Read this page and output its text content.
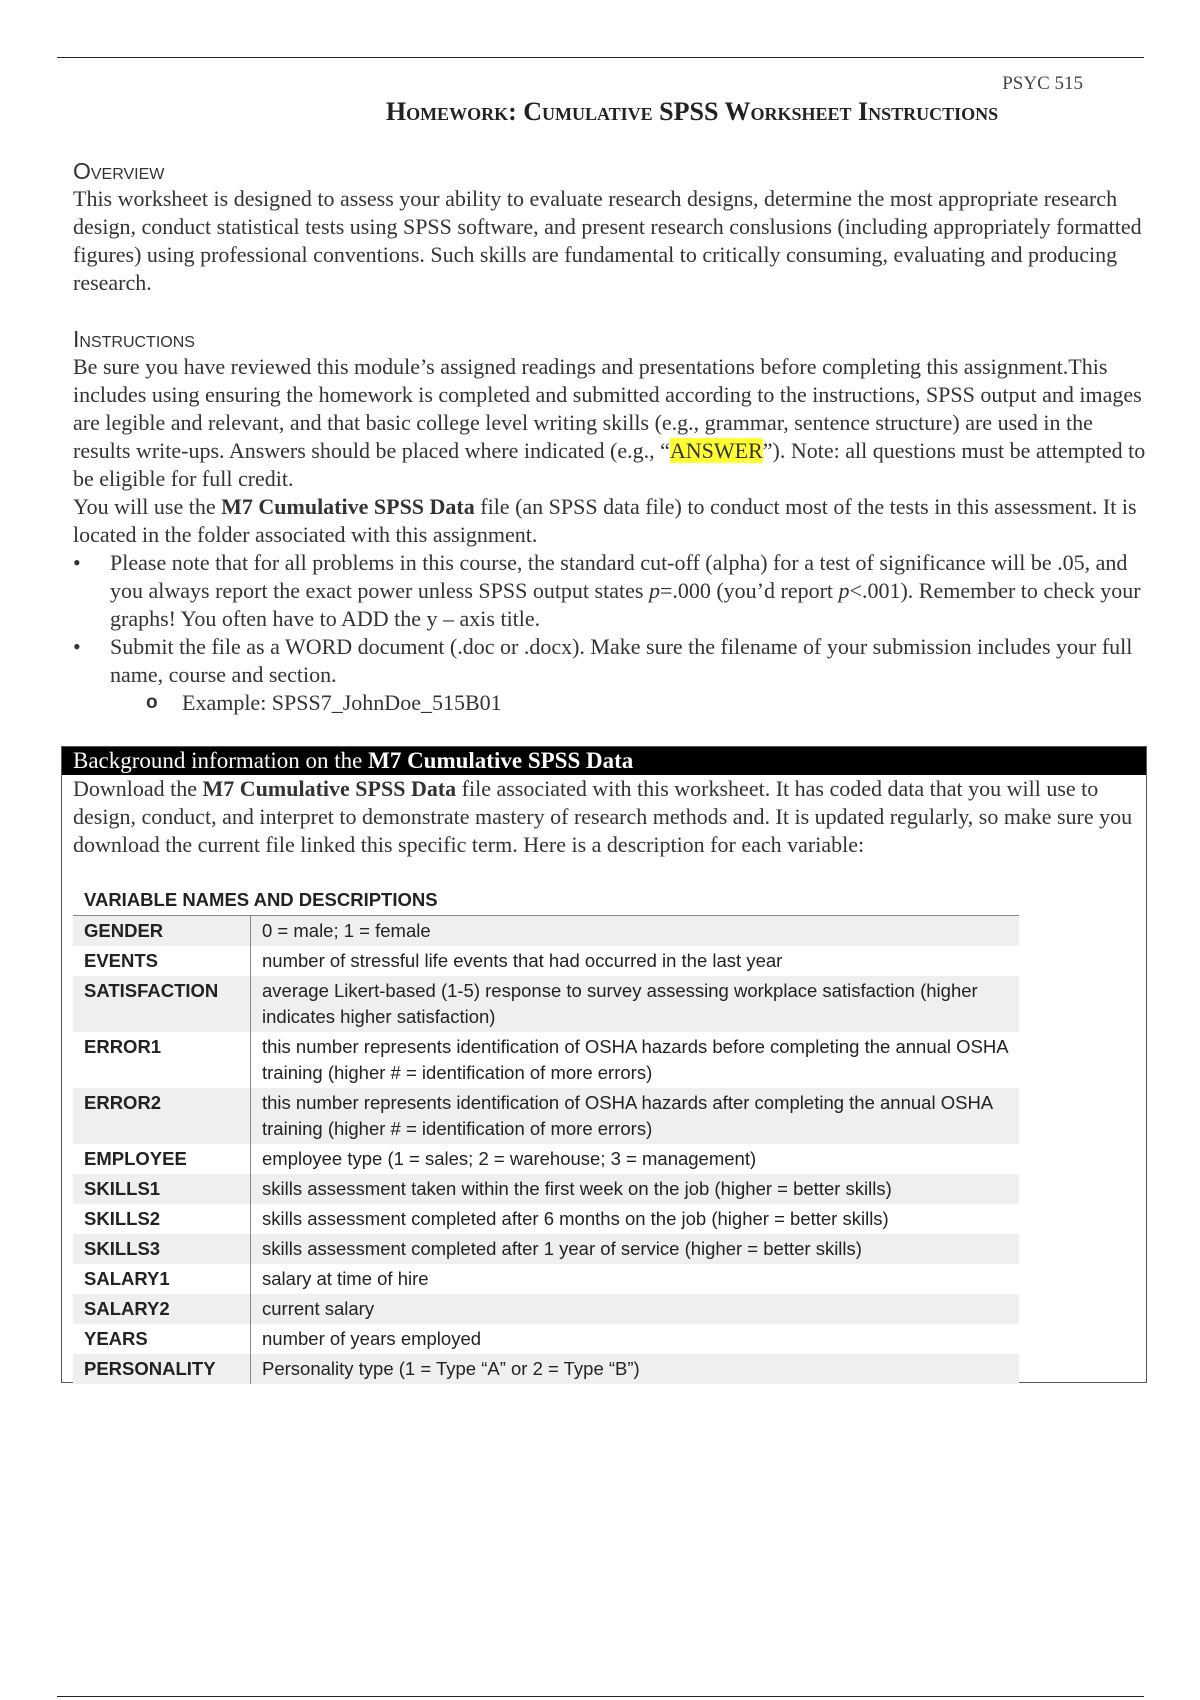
PSYC 515
Homework: Cumulative SPSS Worksheet Instructions
Overview

This worksheet is designed to assess your ability to evaluate research designs, determine the most appropriate research design, conduct statistical tests using SPSS software, and present research conslusions (including appropriately formatted figures) using professional conventions. Such skills are fundamental to critically consuming, evaluating and producing research.

Instructions

Be sure you have reviewed this module’s assigned readings and presentations before completing this assignment.This includes using ensuring the homework is completed and submitted according to the instructions, SPSS output and images are legible and relevant, and that basic college level writing skills (e.g., grammar, sentence structure) are used in the results write-ups. Answers should be placed where indicated (e.g., “ANSWER”). Note: all questions must be attempted to be eligible for full credit.

You will use the M7 Cumulative SPSS Data file (an SPSS data file) to conduct most of the tests in this assessment. It is located in the folder associated with this assignment.

• Please note that for all problems in this course, the standard cut-off (alpha) for a test of significance will be .05, and you always report the exact power unless SPSS output states p=.000 (you’d report p<.001). Remember to check your graphs! You often have to ADD the y – axis title.
• Submit the file as a WORD document (.doc or .docx). Make sure the filename of your submission includes your full name, course and section.
o Example: SPSS7_JohnDoe_515B01
Background information on the M7 Cumulative SPSS Data

Download the M7 Cumulative SPSS Data file associated with this worksheet. It has coded data that you will use to design, conduct, and interpret to demonstrate mastery of research methods and. It is updated regularly, so make sure you download the current file linked this specific term. Here is a description for each variable:

VARIABLE NAMES AND DESCRIPTIONS
GENDER	0 = male; 1 = female
EVENTS	number of stressful life events that had occurred in the last year
SATISFACTION	average Likert-based (1-5) response to survey assessing workplace satisfaction (higher indicates higher satisfaction)
ERROR1	this number represents identification of OSHA hazards before completing the annual OSHA training (higher # = identification of more errors)
ERROR2	this number represents identification of OSHA hazards after completing the annual OSHA training (higher # = identification of more errors)
EMPLOYEE	employee type (1 = sales; 2 = warehouse; 3 = management)
SKILLS1	skills assessment taken within the first week on the job (higher = better skills)
SKILLS2	skills assessment completed after 6 months on the job (higher = better skills)
SKILLS3	skills assessment completed after 1 year of service (higher = better skills)
SALARY1	salary at time of hire
SALARY2	current salary
YEARS	number of years employed
PERSONALITY	Personality type (1 = Type “A” or 2 = Type “B”)
